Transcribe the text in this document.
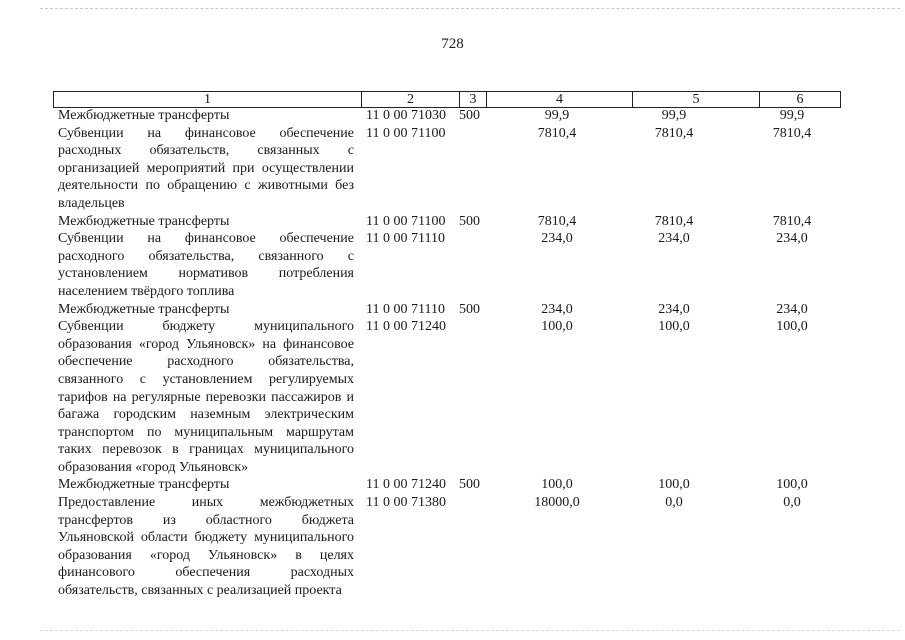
728
1	2	3	4	5	6
Межбюджетные трансферты	11 0 00 71030 500	99,9	99,9	99,9
Субвенции на финансовое обеспечение расходных обязательств, связанных с организацией мероприятий при осуществлении деятельности по обращению с животными без владельцев
11 0 00 71100	7810,4	7810,4	7810,4
Межбюджетные трансферты	11 0 00 71100 500	7810,4	7810,4	7810,4
Субвенции на финансовое обеспечение расходного обязательства, связанного с установлением нормативов потребления населением твёрдого топлива
11 0 00 71110	234,0	234,0	234,0
Межбюджетные трансферты	11 0 00 71110	500	234,0	234,0	234,0
Субвенции бюджету муниципального образования «город Ульяновск» на финансовое обеспечение расходного обязательства, связанного с установлением регулируемых тарифов на регулярные перевозки пассажиров и багажа городским наземным электрическим транспортом по муниципальным маршрутам таких перевозок в границах муниципального образования «город Ульяновск»
11 0 00 71240	100,0	100,0	100,0
Межбюджетные трансферты	11 0 00 71240 500	100,0	100,0	100,0
Предоставление иных межбюджетных трансфертов из областного бюджета Ульяновской области бюджету муниципального образования «город Ульяновск» в целях финансового обеспечения расходных обязательств, связанных с реализацией проекта
11 0 00 71380	18000,0	0,0	0,0
